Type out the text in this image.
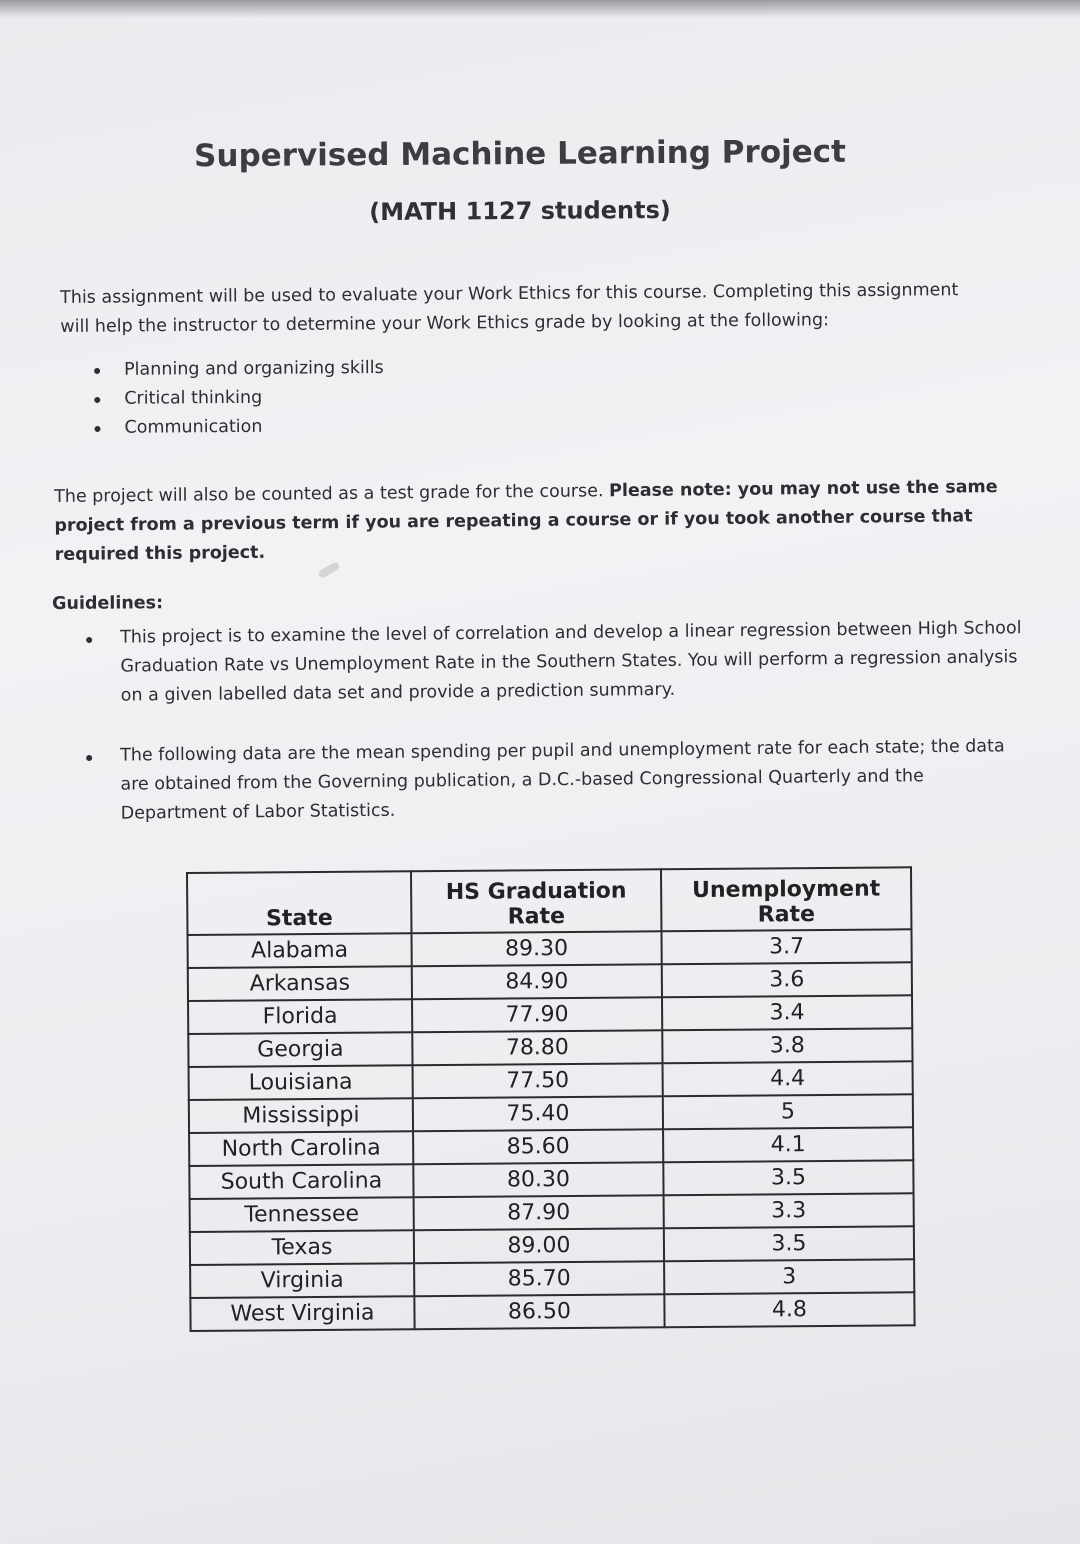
Supervised Machine Learning Project
(MATH 1127 students)
This assignment will be used to evaluate your Work Ethics for this course. Completing this assignment will help the instructor to determine your Work Ethics grade by looking at the following:
Planning and organizing skills
Critical thinking
Communication
The project will also be counted as a test grade for the course. Please note: you may not use the same project from a previous term if you are repeating a course or if you took another course that required this project.
Guidelines:
This project is to examine the level of correlation and develop a linear regression between High School Graduation Rate vs Unemployment Rate in the Southern States. You will perform a regression analysis on a given labelled data set and provide a prediction summary.
The following data are the mean spending per pupil and unemployment rate for each state; the data are obtained from the Governing publication, a D.C.-based Congressional Quarterly and the Department of Labor Statistics.
State	HS Graduation Rate	Unemployment Rate
Alabama	89.30	3.7
Arkansas	84.90	3.6
Florida	77.90	3.4
Georgia	78.80	3.8
Louisiana	77.50	4.4
Mississippi	75.40	5
North Carolina	85.60	4.1
South Carolina	80.30	3.5
Tennessee	87.90	3.3
Texas	89.00	3.5
Virginia	85.70	3
West Virginia	86.50	4.8
